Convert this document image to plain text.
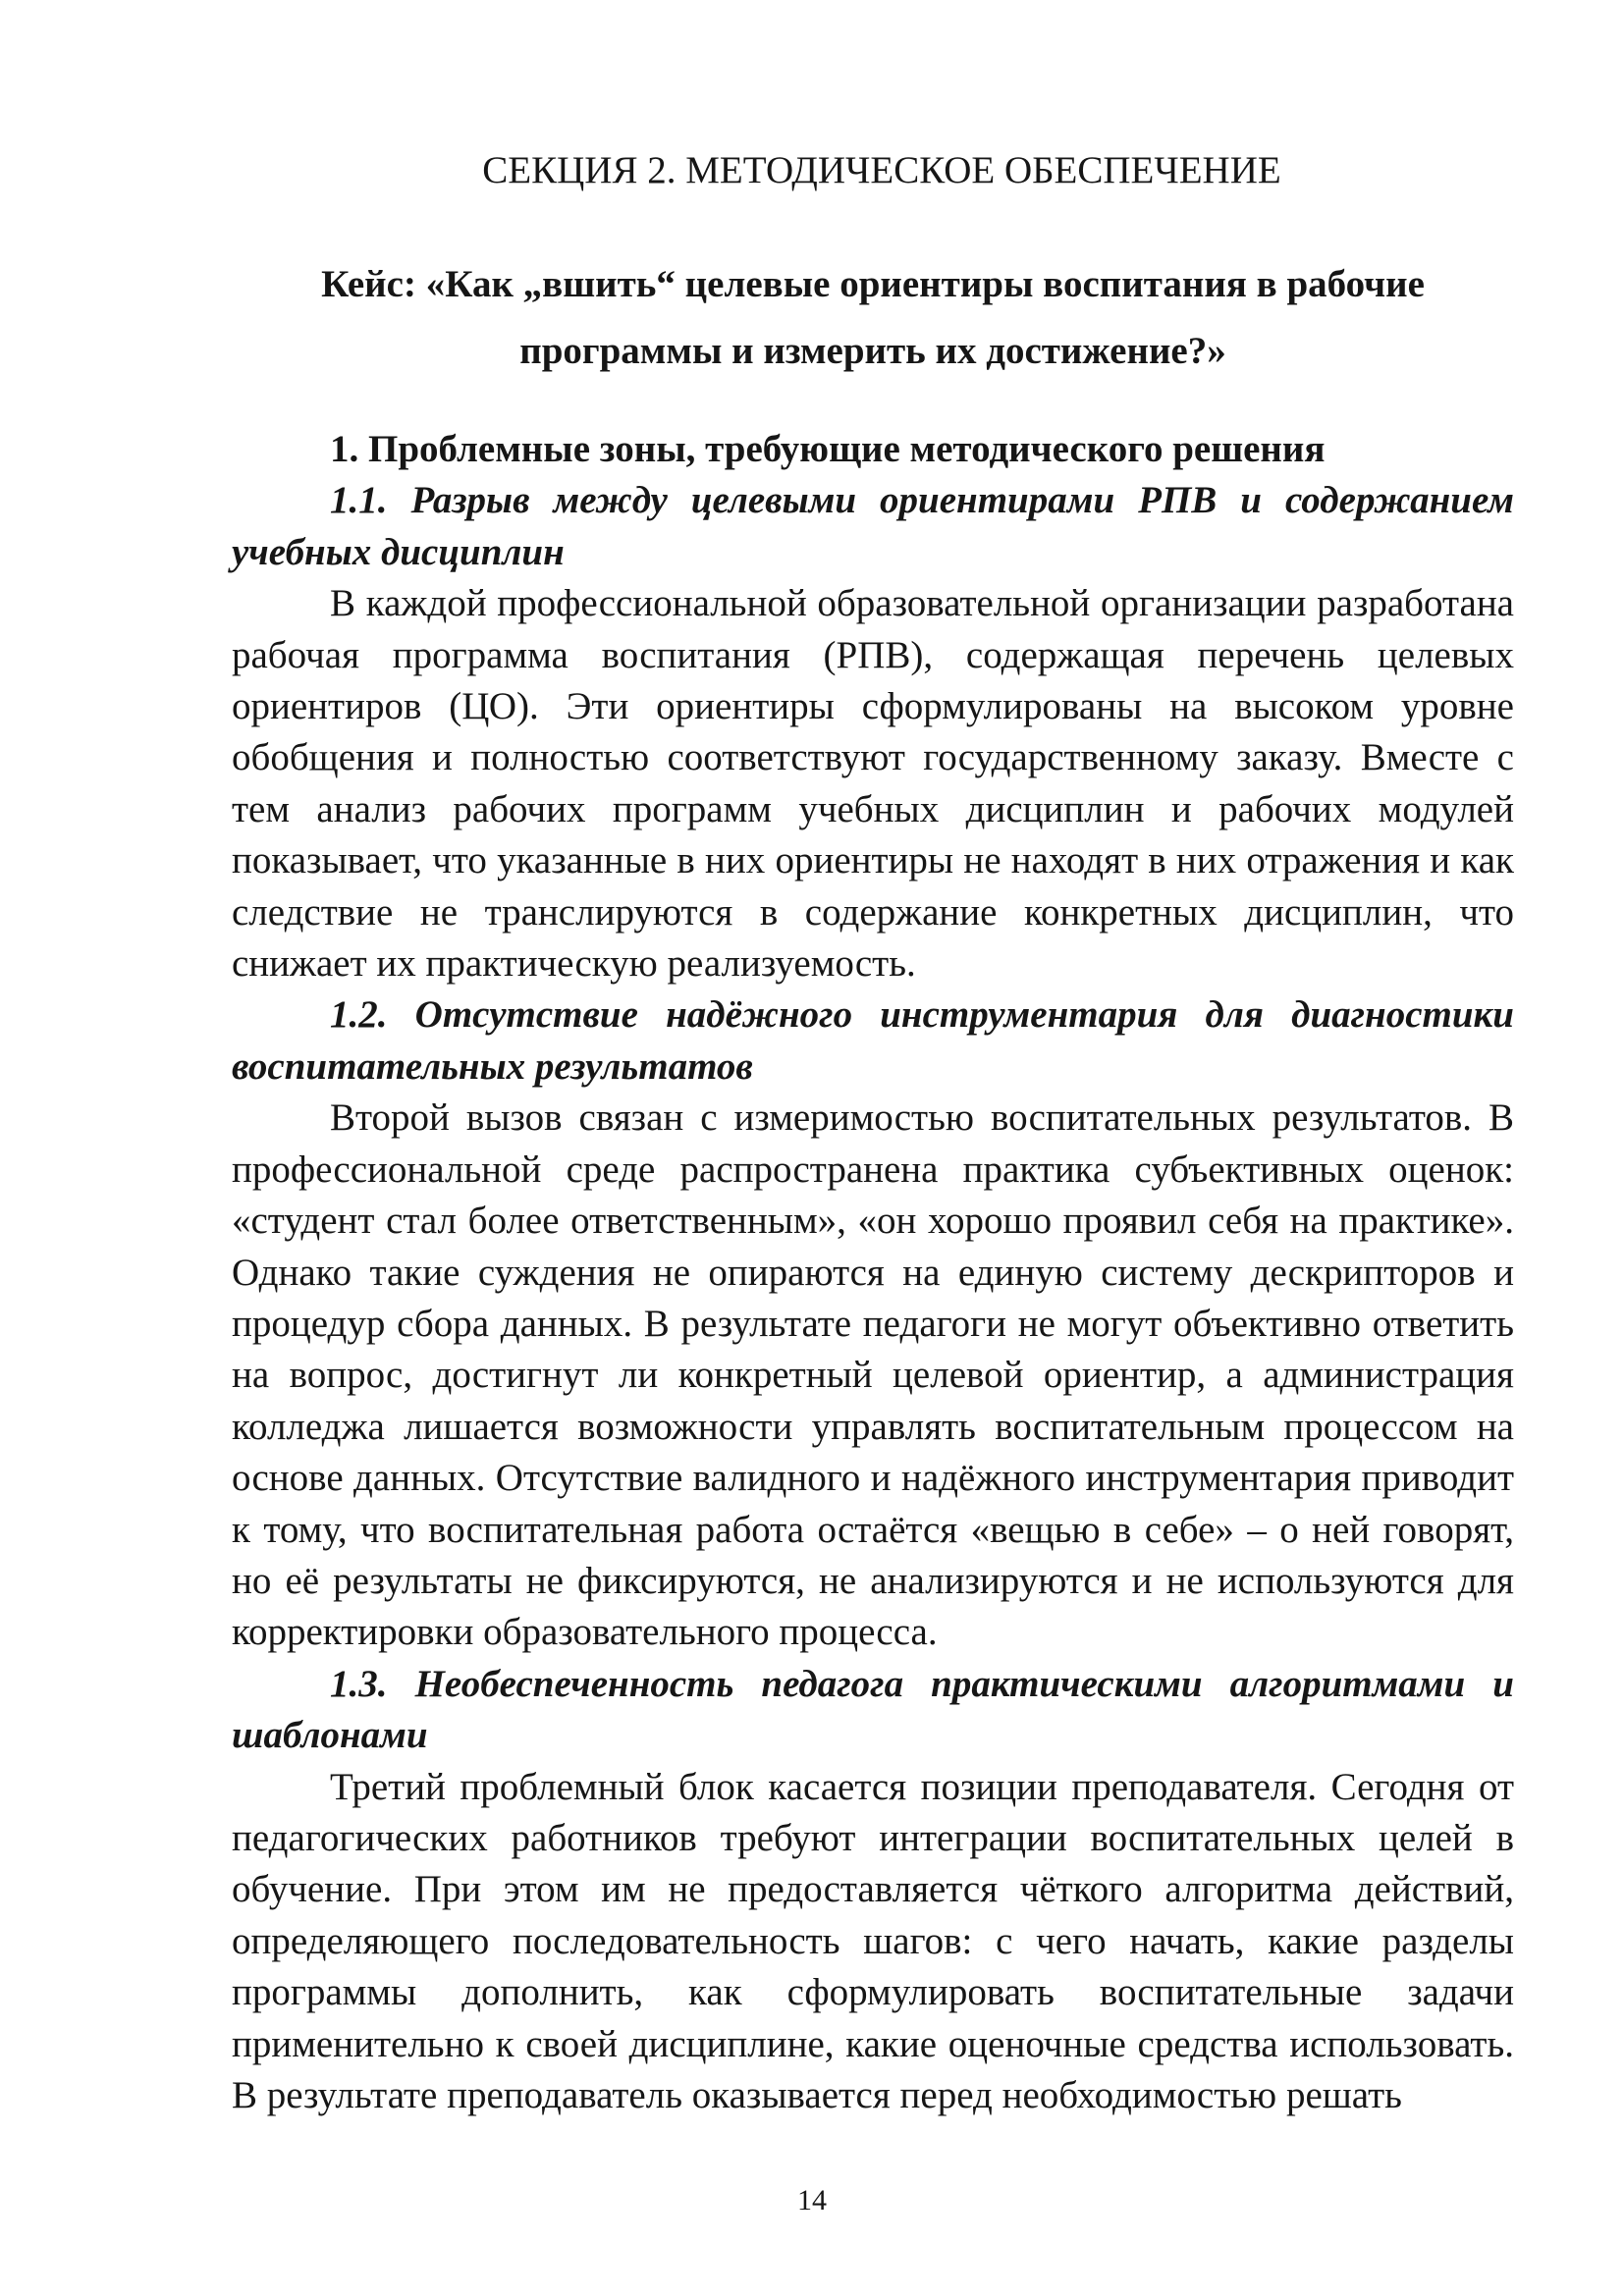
СЕКЦИЯ 2. МЕТОДИЧЕСКОЕ ОБЕСПЕЧЕНИЕ

Кейс: «Как „вшить“ целевые ориентиры воспитания в рабочие программы и измерить их достижение?»

1. Проблемные зоны, требующие методического решения

1.1. Разрыв между целевыми ориентирами РПВ и содержанием учебных дисциплин

В каждой профессиональной образовательной организации разработана рабочая программа воспитания (РПВ), содержащая перечень целевых ориентиров (ЦО). Эти ориентиры сформулированы на высоком уровне обобщения и полностью соответствуют государственному заказу. Вместе с тем анализ рабочих программ учебных дисциплин и рабочих модулей показывает, что указанные в них ориентиры не находят в них отражения и как следствие не транслируются в содержание конкретных дисциплин, что снижает их практическую реализуемость.

1.2. Отсутствие надёжного инструментария для диагностики воспитательных результатов

Второй вызов связан с измеримостью воспитательных результатов. В профессиональной среде распространена практика субъективных оценок: «студент стал более ответственным», «он хорошо проявил себя на практике». Однако такие суждения не опираются на единую систему дескрипторов и процедур сбора данных. В результате педагоги не могут объективно ответить на вопрос, достигнут ли конкретный целевой ориентир, а администрация колледжа лишается возможности управлять воспитательным процессом на основе данных. Отсутствие валидного и надёжного инструментария приводит к тому, что воспитательная работа остаётся «вещью в себе» – о ней говорят, но её результаты не фиксируются, не анализируются и не используются для корректировки образовательного процесса.

1.3. Необеспеченность педагога практическими алгоритмами и шаблонами

Третий проблемный блок касается позиции преподавателя. Сегодня от педагогических работников требуют интеграции воспитательных целей в обучение. При этом им не предоставляется чёткого алгоритма действий, определяющего последовательность шагов: с чего начать, какие разделы программы дополнить, как сформулировать воспитательные задачи применительно к своей дисциплине, какие оценочные средства использовать. В результате преподаватель оказывается перед необходимостью решать

14
